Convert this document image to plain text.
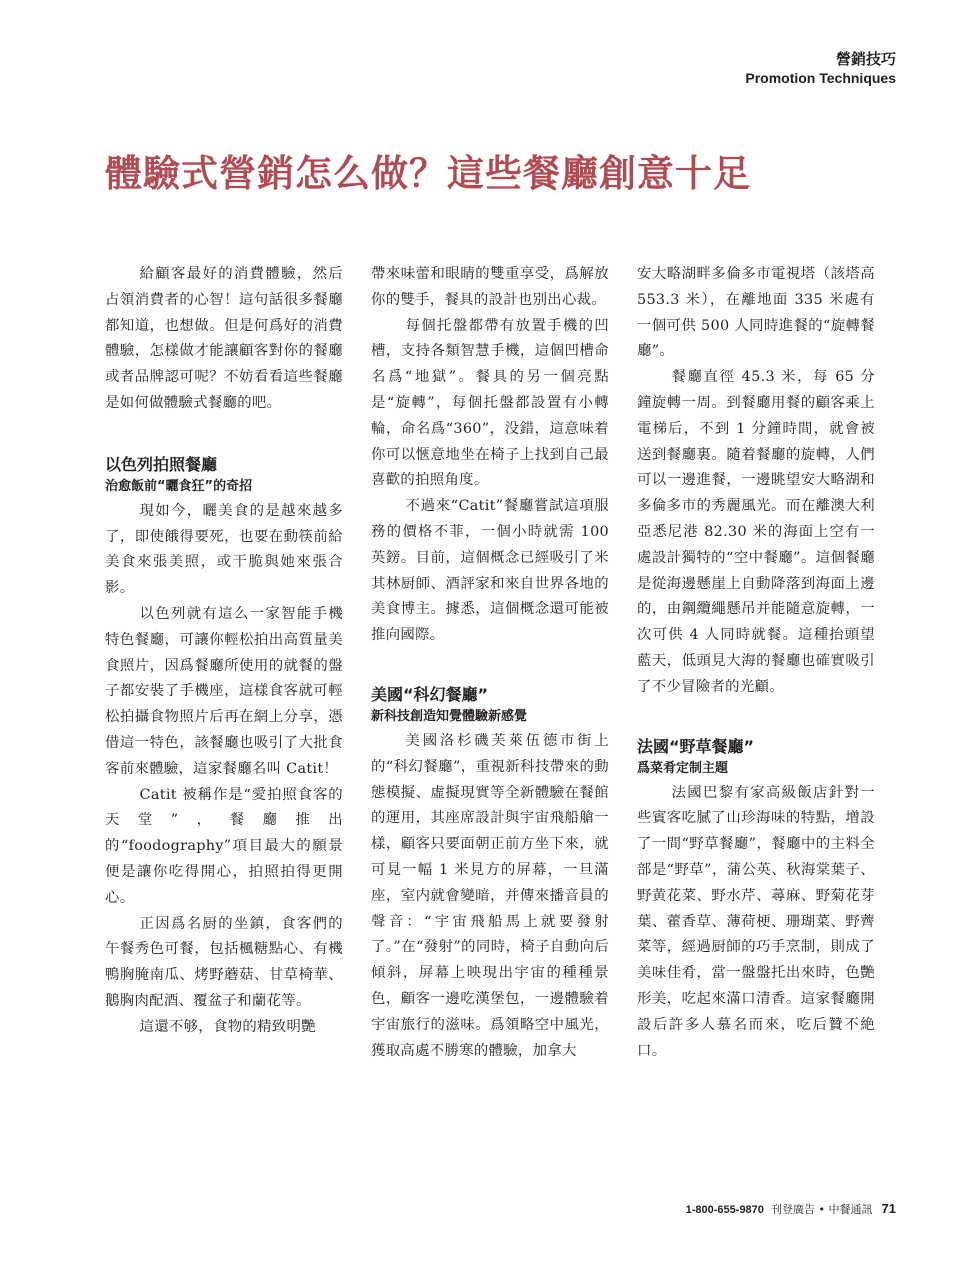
營銷技巧
Promotion Techniques
體驗式營銷怎么做？這些餐廳創意十足

給顧客最好的消費體驗，然后占領消費者的心智！這句話很多餐廳都知道，也想做。但是何爲好的消費體驗，怎樣做才能讓顧客對你的餐廳或者品牌認可呢？不妨看看這些餐廳是如何做體驗式餐廳的吧。

以色列拍照餐廳
治愈飯前“曬食狂”的奇招

現如今，曬美食的是越來越多了，即使餓得要死，也要在動筷前給美食來張美照，或干脆與她來張合影。

以色列就有這么一家智能手機特色餐廳，可讓你輕松拍出高質量美食照片，因爲餐廳所使用的就餐的盤子都安裝了手機座，這樣食客就可輕松拍攝食物照片后再在網上分享，憑借這一特色，該餐廳也吸引了大批食客前來體驗，這家餐廳名叫 Catit！

Catit 被稱作是“愛拍照食客的天堂”，餐廳推出的“foodography”項目最大的願景便是讓你吃得開心，拍照拍得更開心。

正因爲名厨的坐鎮，食客們的午餐秀色可餐，包括楓糖點心、有機鴨胸腌南瓜、烤野蘑菇、甘草椅華、鵝胸肉配酒、覆盆子和蘭花等。

這還不够，食物的精致明艷

帶來味蕾和眼睛的雙重享受，爲解放你的雙手，餐具的設計也别出心裁。

每個托盤都帶有放置手機的凹槽，支持各類智慧手機，這個凹槽命名爲“地獄”。餐具的另一個亮點是“旋轉”，每個托盤都設置有小轉輪，命名爲“360”，没錯，這意味着你可以愜意地坐在椅子上找到自己最喜歡的拍照角度。

不過來“Catit”餐廳嘗試這項服務的價格不菲，一個小時就需 100 英鎊。目前，這個概念已經吸引了米其林厨師、酒評家和來自世界各地的美食博主。據悉，這個概念還可能被推向國際。

美國“科幻餐廳”
新科技創造知覺體驗新感覺

美國洛杉磯芙萊伍德市街上的“科幻餐廳”，重視新科技帶來的動態模擬、虛擬現實等全新體驗在餐館的運用，其座席設計與宇宙飛船艙一樣，顧客只要面朝正前方坐下來，就可見一幅 1 米見方的屏幕，一旦滿座，室内就會變暗，并傳來播音員的聲音：“宇宙飛船馬上就要發射了。”在“發射”的同時，椅子自動向后傾斜，屏幕上映現出宇宙的種種景色，顧客一邊吃漢堡包，一邊體驗着宇宙旅行的滋味。爲領略空中風光，獲取高處不勝寒的體驗，加拿大

安大略湖畔多倫多市電視塔（該塔高 553.3 米），在離地面 335 米處有一個可供 500 人同時進餐的“旋轉餐廳”。

餐廳直徑 45.3 米，每 65 分鐘旋轉一周。到餐廳用餐的顧客乘上電梯后，不到 1 分鐘時間，就會被送到餐廳裏。隨着餐廳的旋轉，人們可以一邊進餐，一邊眺望安大略湖和多倫多市的秀麗風光。而在離澳大利亞悉尼港 82.30 米的海面上空有一處設計獨特的“空中餐廳”。這個餐廳是從海邊懸崖上自動降落到海面上邊的，由鋼纜繩懸吊并能隨意旋轉，一次可供 4 人同時就餐。這種抬頭望藍天，低頭見大海的餐廳也確實吸引了不少冒險者的光顧。

法國“野草餐廳”
爲菜肴定制主題

法國巴黎有家高級飯店針對一些賓客吃膩了山珍海味的特點，增設了一間“野草餐廳”，餐廳中的主料全部是“野草”，蒲公英、秋海棠葉子、野黄花菜、野水芹、蕁麻、野菊花芽葉、藿香草、薄荷梗、珊瑚菜、野薺菜等，經過厨師的巧手烹制，則成了美味佳肴，當一盤盤托出來時，色艷形美，吃起來滿口清香。這家餐廳開設后許多人慕名而來，吃后贊不絶口。

1-800-655-9870 刊登廣告 • 中餐通訊 71
